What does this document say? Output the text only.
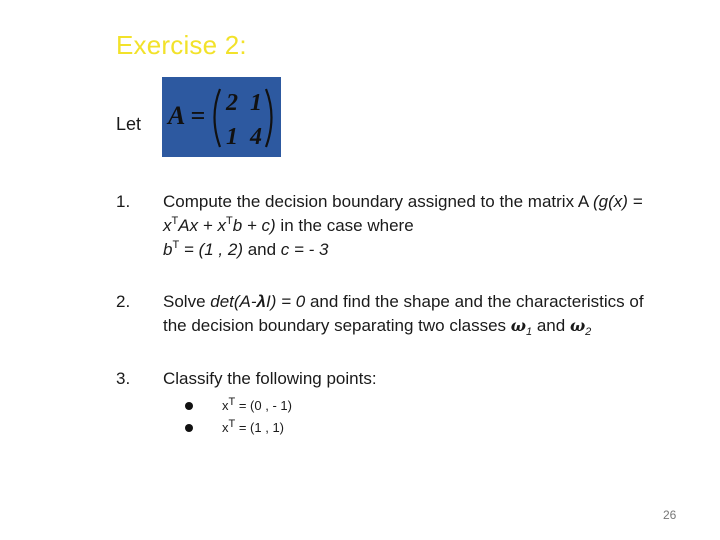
Exercise 2:
Let A = 2 1
1 4
1. Compute the decision boundary assigned to the matrix A (g(x) =
$x^TAx + x^Tb + c$) in the case where
$b^T = (1$ , 2) and c = - 3
2. Solve det(A-λI) = 0 and find the shape and the characteristics of
the decision boundary separating two classes $\omega_1$ and $\omega_2$
3. Classify the following points:
$x^T = (0$ , - 1)
$x^T = (1$ , 1)
26
